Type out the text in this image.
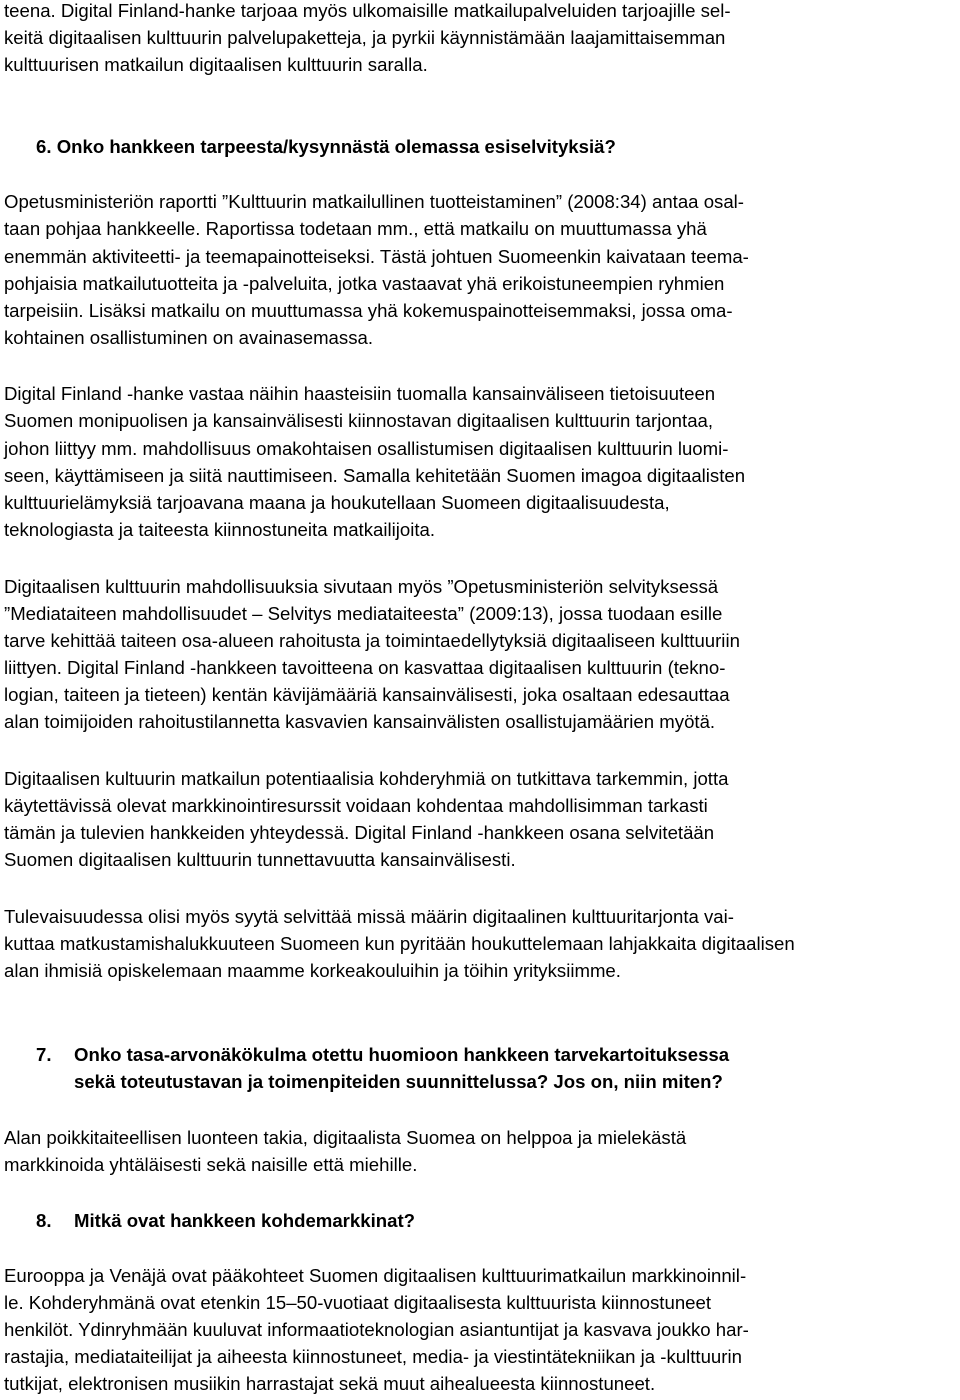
teena. Digital Finland-hanke tarjoaa myös ulkomaisille matkailupalveluiden tarjoajille sel-
keitä digitaalisen kulttuurin palvelupaketteja, ja pyrkii käynnistämään laajamittaisemman
kulttuurisen matkailun digitaalisen kulttuurin saralla.
6. Onko hankkeen tarpeesta/kysynnästä olemassa esiselvityksiä?
Opetusministeriön raportti ”Kulttuurin matkailullinen tuotteistaminen” (2008:34) antaa osal-
taan pohjaa hankkeelle. Raportissa todetaan mm., että matkailu on muuttumassa yhä
enemmän aktiviteetti- ja teemapainotteiseksi. Tästä johtuen Suomeenkin kaivataan teema-
pohjaisia matkailutuotteita ja -palveluita, jotka vastaavat yhä erikoistuneempien ryhmien
tarpeisiin. Lisäksi matkailu on muuttumassa yhä kokemuspainotteisemmaksi, jossa oma-
kohtainen osallistuminen on avainasemassa.
Digital Finland -hanke vastaa näihin haasteisiin tuomalla kansainväliseen tietoisuuteen
Suomen monipuolisen ja kansainvälisesti kiinnostavan digitaalisen kulttuurin tarjontaa,
johon liittyy mm. mahdollisuus omakohtaisen osallistumisen digitaalisen kulttuurin luomi-
seen, käyttämiseen ja siitä nauttimiseen. Samalla kehitetään Suomen imagoa digitaalisten
kulttuurielämyksiä tarjoavana maana ja houkutellaan Suomeen digitaalisuudesta,
teknologiasta ja taiteesta kiinnostuneita matkailijoita.
Digitaalisen kulttuurin mahdollisuuksia sivutaan myös ”Opetusministeriön selvityksessä
”Mediataiteen mahdollisuudet – Selvitys mediataiteesta” (2009:13), jossa tuodaan esille
tarve kehittää taiteen osa-alueen rahoitusta ja toimintaedellytyksiä digitaaliseen kulttuuriin
liittyen. Digital Finland -hankkeen tavoitteena on kasvattaa digitaalisen kulttuurin (tekno-
logian, taiteen ja tieteen) kentän kävijämääriä kansainvälisesti, joka osaltaan edesauttaa
alan toimijoiden rahoitustilannetta kasvavien kansainvälisten osallistujamäärien myötä.
Digitaalisen kultuurin matkailun potentiaalisia kohderyhmiä on tutkittava tarkemmin, jotta
käytettävissä olevat markkinointiresurssit voidaan kohdentaa mahdollisimman tarkasti
tämän ja tulevien hankkeiden yhteydessä. Digital Finland -hankkeen osana selvitetään
Suomen digitaalisen kulttuurin tunnettavuutta kansainvälisesti.
Tulevaisuudessa olisi myös syytä selvittää missä määrin digitaalinen kulttuuritarjonta vai-
kuttaa matkustamishalukkuuteen Suomeen kun pyritään houkuttelemaan lahjakkaita digitaalisen
alan ihmisiä opiskelemaan maamme korkeakouluihin ja töihin yrityksiimme.
7. Onko tasa-arvonäkökulma otettu huomioon hankkeen tarvekartoituksessa
sekä toteutustavan ja toimenpiteiden suunnittelussa? Jos on, niin miten?
Alan poikkitaiteellisen luonteen takia, digitaalista Suomea on helppoa ja mielekästä
markkinoida yhtäläisesti sekä naisille että miehille.
8. Mitkä ovat hankkeen kohdemarkkinat?
Eurooppa ja Venäjä ovat pääkohteet Suomen digitaalisen kulttuurimatkailun markkinoinnil-
le. Kohderyhmänä ovat etenkin 15–50-vuotiaat digitaalisesta kulttuurista kiinnostuneet
henkilöt. Ydinryhmään kuuluvat informaatioteknologian asiantuntijat ja kasvava joukko har-
rastajia, mediataiteilijat ja aiheesta kiinnostuneet, media- ja viestintätekniikan ja -kulttuurin
tutkijat, elektronisen musiikin harrastajat sekä muut aihealueesta kiinnostuneet.
